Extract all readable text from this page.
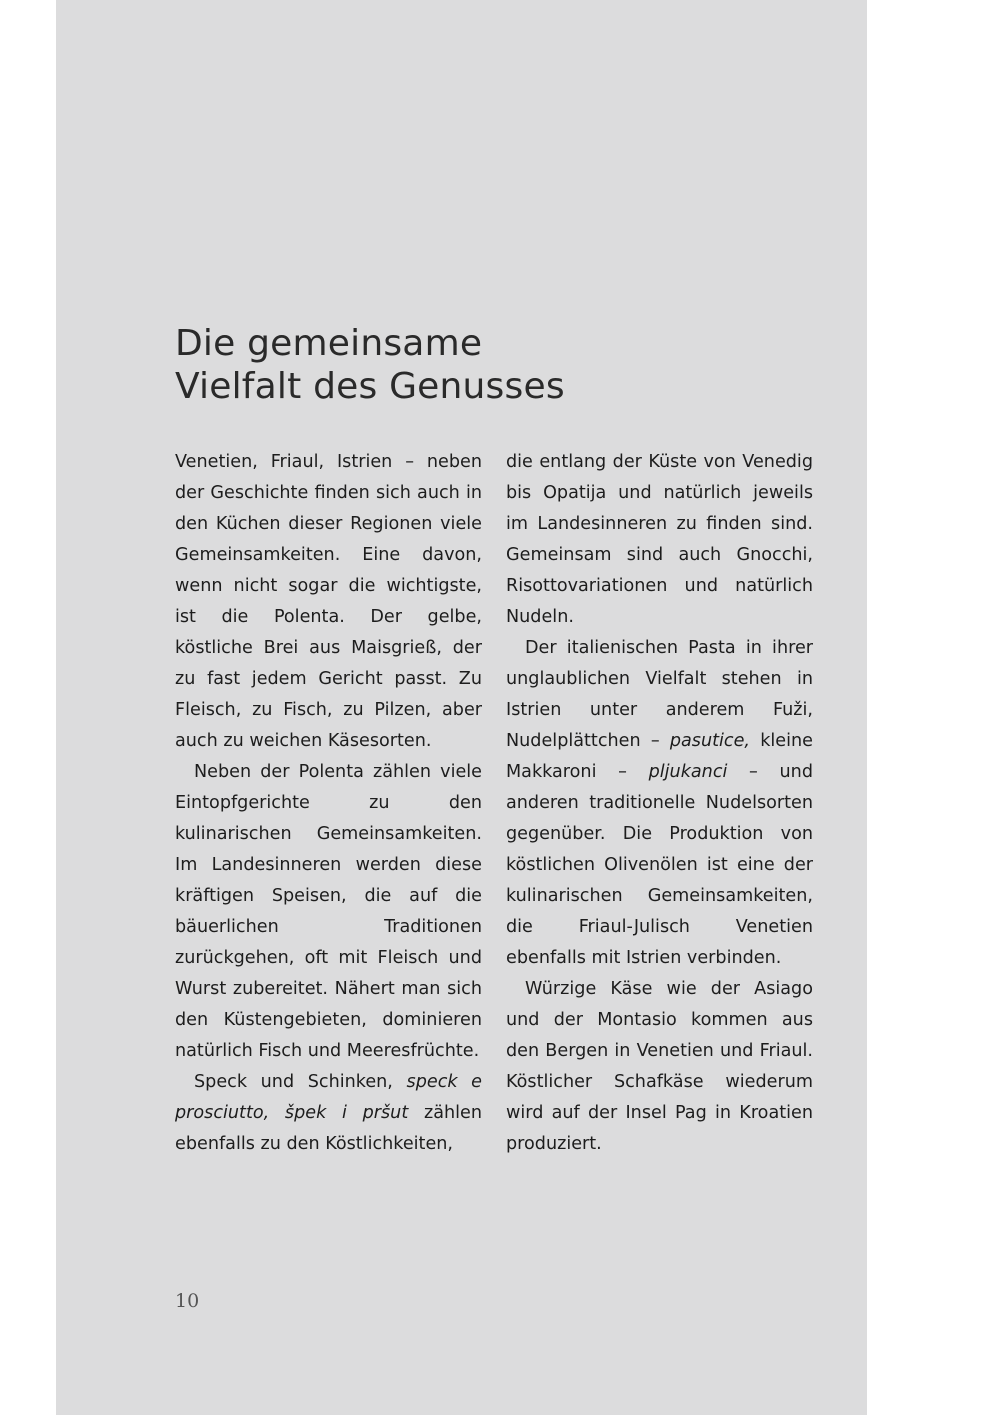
Die gemeinsame
Vielfalt des Genusses

Venetien, Friaul, Istrien – neben der Geschichte finden sich auch in den Küchen dieser Regionen viele Gemeinsamkeiten. Eine davon, wenn nicht sogar die wichtigste, ist die Polenta. Der gelbe, köstliche Brei aus Maisgrieß, der zu fast jedem Gericht passt. Zu Fleisch, zu Fisch, zu Pilzen, aber auch zu weichen Käsesorten.

Neben der Polenta zählen viele Eintopfgerichte zu den kulinarischen Gemeinsamkeiten. Im Landesinneren werden diese kräftigen Speisen, die auf die bäuerlichen Traditionen zurückgehen, oft mit Fleisch und Wurst zubereitet. Nähert man sich den Küstengebieten, dominieren natürlich Fisch und Meeresfrüchte.

Speck und Schinken, speck e prosciutto, špek i pršut zählen ebenfalls zu den Köstlichkeiten,

die entlang der Küste von Venedig bis Opatija und natürlich jeweils im Landesinneren zu finden sind. Gemeinsam sind auch Gnocchi, Risottovariationen und natürlich Nudeln.

Der italienischen Pasta in ihrer unglaublichen Vielfalt stehen in Istrien unter anderem Fuži, Nudelplättchen – pasutice, kleine Makkaroni – pljukanci – und anderen traditionelle Nudelsorten gegenüber. Die Produktion von köstlichen Olivenölen ist eine der kulinarischen Gemeinsamkeiten, die Friaul-Julisch Venetien ebenfalls mit Istrien verbinden.

Würzige Käse wie der Asiago und der Montasio kommen aus den Bergen in Venetien und Friaul. Köstlicher Schafkäse wiederum wird auf der Insel Pag in Kroatien produziert.

10
